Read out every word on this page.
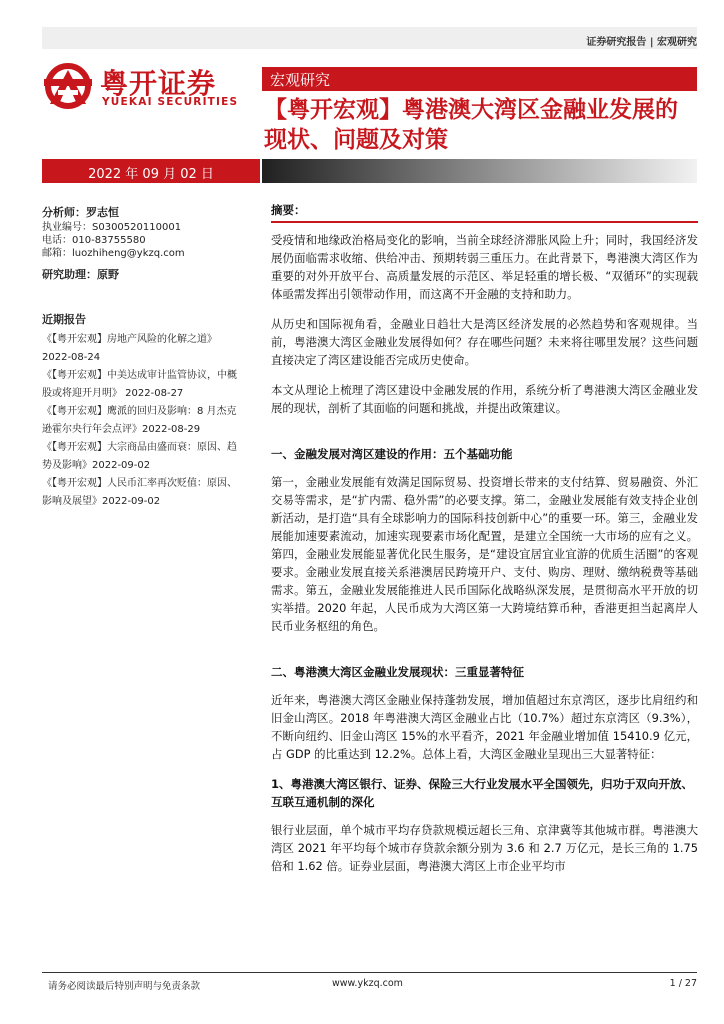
证券研究报告 | 宏观研究
粤开证券
YUEKAI SECURITIES
宏观研究
【粤开宏观】粤港澳大湾区金融业发展的现状、问题及对策
2022 年 09 月 02 日
分析师：罗志恒
执业编号：S0300520110001
电话：010-83755580
邮箱：luozhiheng@ykzq.com
研究助理：原野
近期报告
《【粤开宏观】房地产风险的化解之道》2022-08-24
《【粤开宏观】中美达成审计监管协议，中概股或将迎开月明》 2022-08-27
《【粤开宏观】鹰派的回归及影响：8 月杰克逊霍尔央行年会点评》2022-08-29
《【粤开宏观】大宗商品由盛而衰：原因、趋势及影响》2022-09-02
《【粤开宏观】人民币汇率再次贬值：原因、影响及展望》2022-09-02
摘要：

受疫情和地缘政治格局变化的影响，当前全球经济滞胀风险上升；同时，我国经济发展仍面临需求收缩、供给冲击、预期转弱三重压力。在此背景下，粤港澳大湾区作为重要的对外开放平台、高质量发展的示范区、举足轻重的增长极、“双循环”的实现载体亟需发挥出引领带动作用，而这离不开金融的支持和助力。

从历史和国际视角看，金融业日趋壮大是湾区经济发展的必然趋势和客观规律。当前，粤港澳大湾区金融业发展得如何？存在哪些问题？未来将往哪里发展？这些问题直接决定了湾区建设能否完成历史使命。

本文从理论上梳理了湾区建设中金融发展的作用，系统分析了粤港澳大湾区金融业发展的现状，剖析了其面临的问题和挑战，并提出政策建议。

一、金融发展对湾区建设的作用：五个基础功能

第一，金融业发展能有效满足国际贸易、投资增长带来的支付结算、贸易融资、外汇交易等需求，是“扩内需、稳外需”的必要支撑。第二，金融业发展能有效支持企业创新活动，是打造“具有全球影响力的国际科技创新中心”的重要一环。第三，金融业发展能加速要素流动，加速实现要素市场化配置，是建立全国统一大市场的应有之义。第四，金融业发展能显著优化民生服务，是“建设宜居宜业宜游的优质生活圈”的客观要求。金融业发展直接关系港澳居民跨境开户、支付、购房、理财、缴纳税费等基础需求。第五，金融业发展能推进人民币国际化战略纵深发展，是贯彻高水平开放的切实举措。2020 年起，人民币成为大湾区第一大跨境结算币种，香港更担当起离岸人民币业务枢纽的角色。

二、粤港澳大湾区金融业发展现状：三重显著特征

近年来，粤港澳大湾区金融业保持蓬勃发展，增加值超过东京湾区，逐步比肩纽约和旧金山湾区。2018 年粤港澳大湾区金融业占比（10.7%）超过东京湾区（9.3%），不断向纽约、旧金山湾区 15%的水平看齐，2021 年金融业增加值 15410.9 亿元，占 GDP 的比重达到 12.2%。总体上看，大湾区金融业呈现出三大显著特征：

1、粤港澳大湾区银行、证券、保险三大行业发展水平全国领先，归功于双向开放、互联互通机制的深化

银行业层面，单个城市平均存贷款规模远超长三角、京津冀等其他城市群。粤港澳大湾区 2021 年平均每个城市存贷款余额分别为 3.6 和 2.7 万亿元，是长三角的 1.75 倍和 1.62 倍。证券业层面，粤港澳大湾区上市企业平均市

请务必阅读最后特别声明与免责条款	www.ykzq.com	1 / 27
